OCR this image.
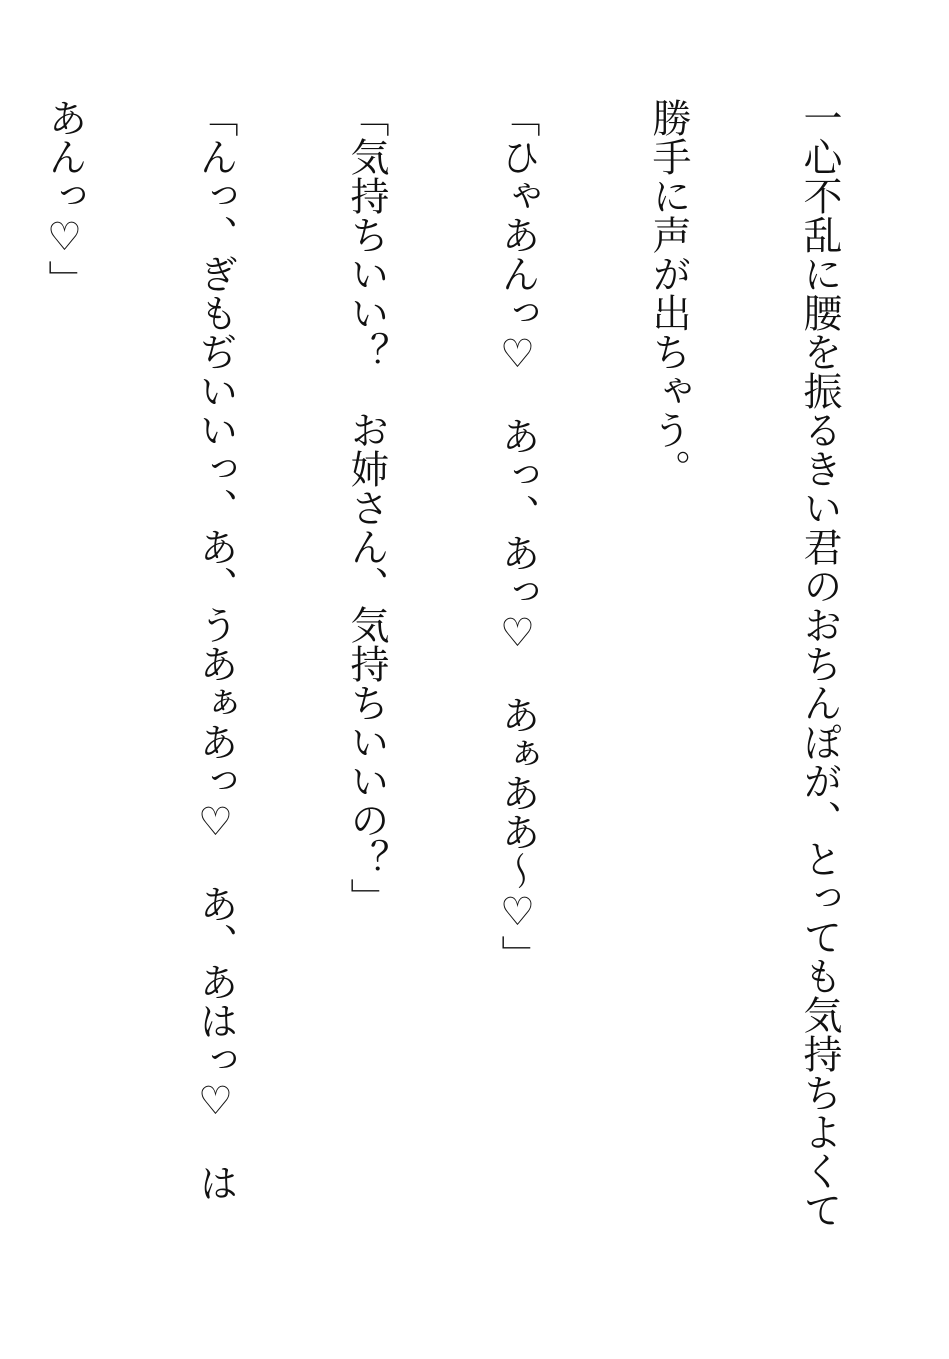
一心不乱に腰を振るきい君のおちんぽが、とっても気持ちよくて勝手に声が出ちゃう。

「ひゃあんっ♡　あっ、あっ♡　あぁああ〜♡」

「気持ちいい？　お姉さん、気持ちいいの？」

「んっ、ぎもぢいいっ、あ、うあぁあっ♡　あ、あはっ♡　はあんっ♡」
